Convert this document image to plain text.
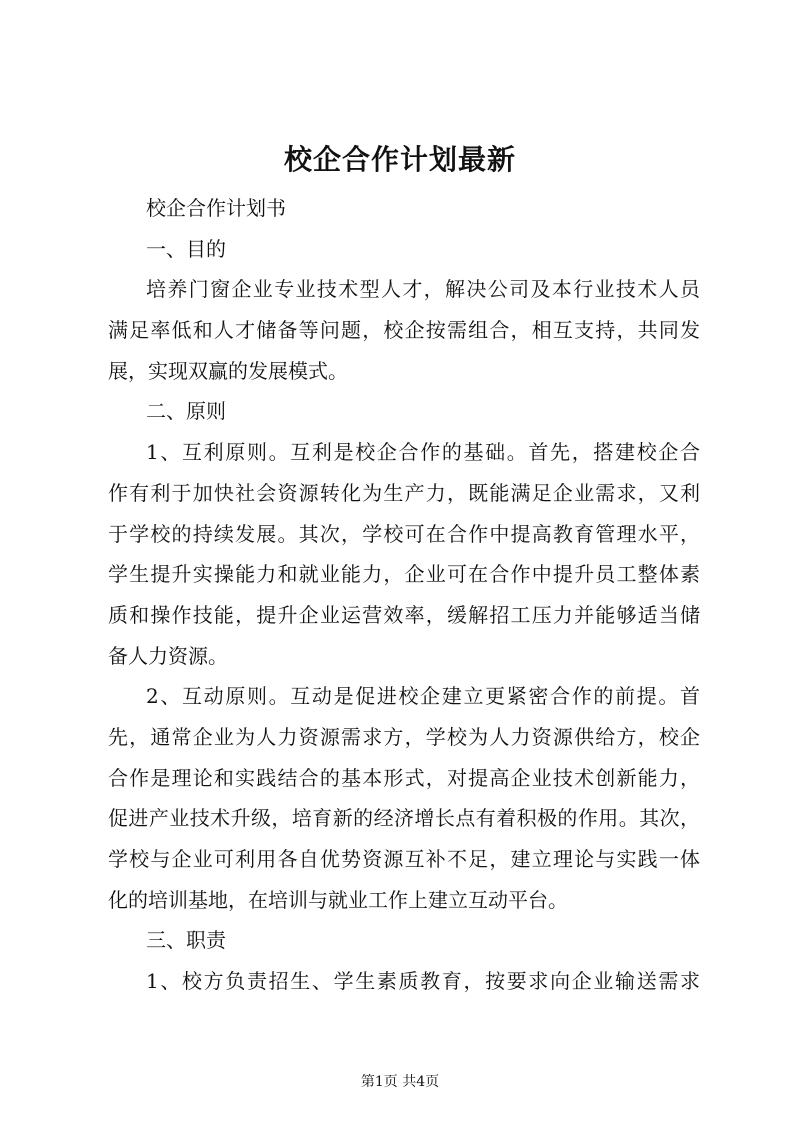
校企合作计划最新
校企合作计划书
一、目的
培养门窗企业专业技术型人才，解决公司及本行业技术人员
满足率低和人才储备等问题，校企按需组合，相互支持，共同发
展，实现双赢的发展模式。
二、原则
1、互利原则。互利是校企合作的基础。首先，搭建校企合
作有利于加快社会资源转化为生产力，既能满足企业需求，又利
于学校的持续发展。其次，学校可在合作中提高教育管理水平，
学生提升实操能力和就业能力，企业可在合作中提升员工整体素
质和操作技能，提升企业运营效率，缓解招工压力并能够适当储
备人力资源。
2、互动原则。互动是促进校企建立更紧密合作的前提。首
先，通常企业为人力资源需求方，学校为人力资源供给方，校企
合作是理论和实践结合的基本形式，对提高企业技术创新能力，
促进产业技术升级，培育新的经济增长点有着积极的作用。其次，
学校与企业可利用各自优势资源互补不足，建立理论与实践一体
化的培训基地，在培训与就业工作上建立互动平台。
三、职责
1、校方负责招生、学生素质教育，按要求向企业输送需求
第1页 共4页
